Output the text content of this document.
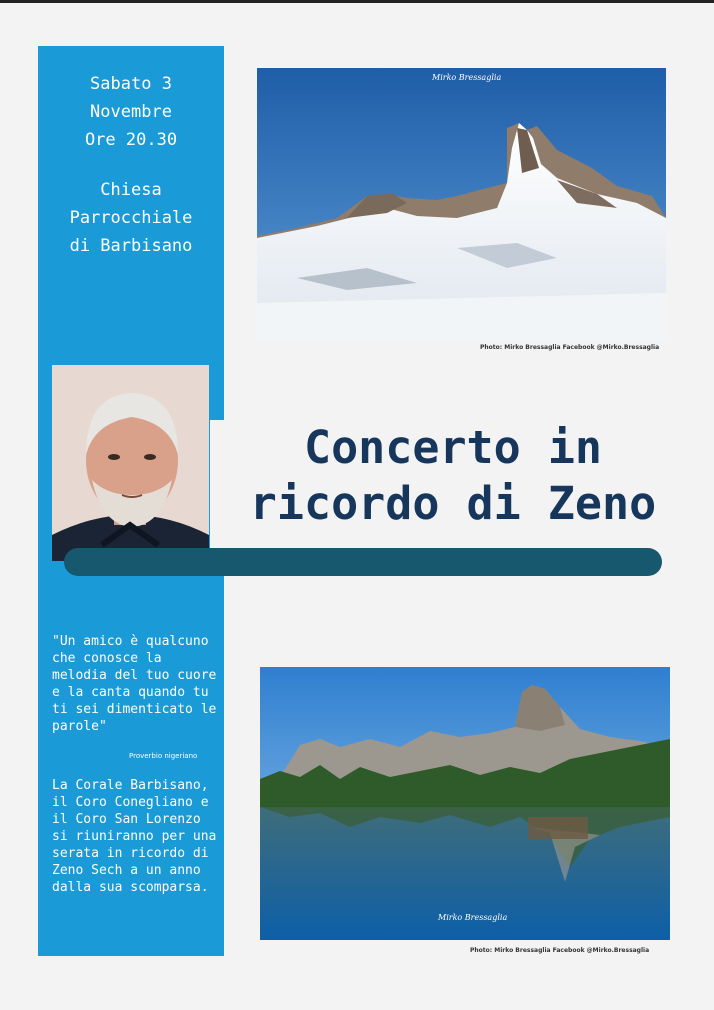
Sabato 3
Novembre
Ore 20.30
Chiesa
Parrocchiale
di Barbisano
Mirko Bressaglia
Photo: Mirko Bressaglia Facebook @Mirko.Bressaglia
Concerto in
ricordo di Zeno
"Un amico è qualcuno che conosce la melodia del tuo cuore e la canta quando tu ti sei dimenticato le parole"
Proverbio nigeriano
La Corale Barbisano, il Coro Conegliano e il Coro San Lorenzo si riuniranno per una serata in ricordo di Zeno Sech a un anno dalla sua scomparsa.
Mirko Bressaglia
Photo: Mirko Bressaglia Facebook @Mirko.Bressaglia
